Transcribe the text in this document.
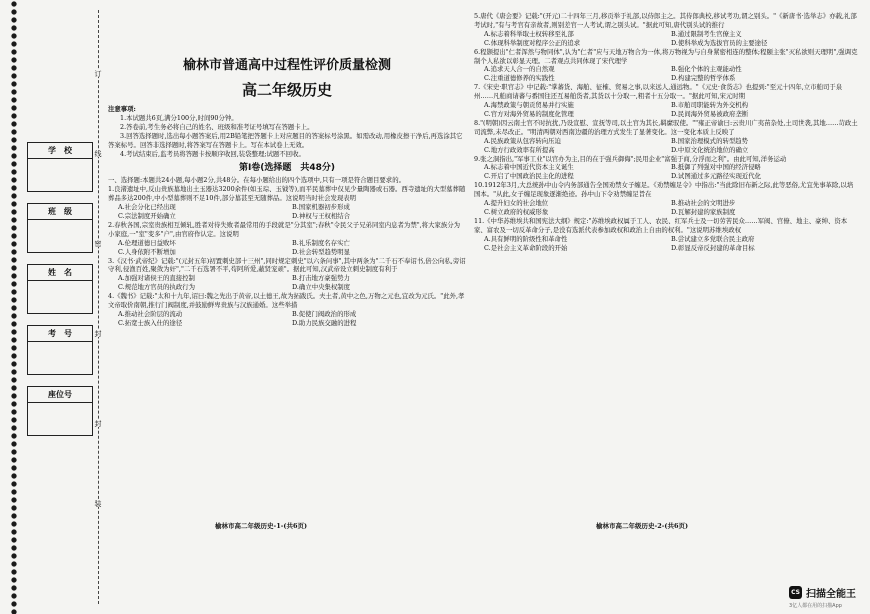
学　校
班　级
姓　名
考　号
座位号
订
线
密
封
封
装
榆林市普通高中过程性评价质量检测
高二年级历史
注意事项:

1.本试题共6页,满分100分,时间90分钟。

2.答卷前,考生务必将自己的姓名、班级和准考证号填写在答题卡上。

3.回答选择题时,选出每小题答案后,用2B铅笔把答题卡上对应题目的答案标号涂黑。如需改动,用橡皮擦干净后,再选涂其它答案标号。回答非选择题时,将答案写在答题卡上。写在本试卷上无效。

4.考试结束后,监考员将答题卡按顺序收回,装袋整理;试题不回收。

第Ⅰ卷(选择题　共48分)

一、选择题:本题共24小题,每小题2分,共48分。在每小题给出的四个选项中,只有一项是符合题目要求的。

1.良渚遗址中,反山贵族墓地出土玉器达3200余件(如玉琮、玉钺等),而平民墓葬中仅见少量陶器或石器。西寺遗址的大型墓葬随葬品多达200件,中小型墓葬则不足10件,部分墓甚至无随葬品。这说明当时社会发现表明

A.社会分化已经出现	B.国家机器初步形成
C.宗法制度开始确立	D.神权与王权相结合

2.春秋各国,宗室贵族相互倾轧,胜者对待失败者最常用的手段就是"分其室";春秋"令民父子兄弟同室内息者为禁",将大家族分为小家庭,一"室"变多"户",由官府作认定。这说明

A.伦理道德日益败坏	B.礼乐制度名存实亡
C.人身依附不断增加	D.社会转型趋势明显

3.《汉书·武帝纪》记载:"(元封五年)初置刺史部十三州",同时规定刺史"以六条问事",其中两条为"二千石不奉诏书,倍公向私,旁诏守利,侵渔百姓,聚敛为奸","二千石选署不平,苟阿所爱,蔽贤宠顽"。据此可知,汉武帝设立刺史制度有利于

A.加强对诸侯王的直接控制	B.打击地方豪强势力
C.规范地方官员的执政行为	D.确立中央集权制度

4.《魏书》记载:"太和十九年,诏曰:魏之先出于黄帝,以土德王,故为拓跋氏。夫土者,黄中之色,万物之元也,宜改为元氏。"此外,孝文帝取价南朝,推行门阀制度,并鼓励鲜卑贵族与汉族通婚。这些举措

A.推动社会阶层的流动	B.促使门阀政治的形成
C.拓宽士族入仕的途径	D.助力民族交融的进程

5.唐代《唐会要》记载:"(开元)二十四年三月,移贡举于礼部,以侍郎主之。其侍郎典校,移试考功,谓之别头。"《新唐书·选举志》亦载,礼部考试时,"有与考官有亲故者,则别差官一人考试,谓之别头试。"据此可知,唐代别头试的推行

A.标志着科举取士权转移至礼部	B.通过限制考生官僚主义
C.体现科举制度对程序公正的追求	D.使科举成为选拔官员的主要途径

6.程颢提出"仁者浑然与物同体",认为"仁者"应与天地万物合为一体,将万物视为与自身紧密相连的整体;程颐主张"灭私欲则天理明",强调克制个人私欲以彰显天理。二者观点共同体现了宋代理学

A.追求天人合一的自然观	B.强化个体的主观能动性
C.注重道德修养的实践性	D.构建完整的哲学体系

7.《宋史·职官志》中记载:"掌蕃货、海舶、征榷、贸易之事,以来远人,通远物。"《元史·食货志》也提到:"至元十四年,立市舶司于泉州……凡舶商请蕃与番国往还互易舶货者,其货以十分取一,粗者十五分取一。"据此可知,宋元时期

A.海禁政策与朝贡贸易并行实施	B.市舶司职能转为外交机构
C.官方对海外贸易的制度化管理	D.民间海外贸易被政府垄断

8."(明朝)因云南土官不时抗扰,乃设宣慰、宣抚等司,以土官为其长,羁縻驭使。""雍正帝谕曰:云贵川广夷苗杂处,土司世袭,其地……苛政土司流弊,未尽改正。"明清两朝对西南边疆的治理方式发生了显著变化。这一变化本质上反映了

A.民族政策从包容转向压迫	B.国家治理模式的转型趋势
C.地方行政效率有所提高	D.中原文化统治地位的确立

9.张之洞指出,"军事工业"以官办为主,目的在于强兵御侮";民用企业"富强于商,分浮而之利"。由此可知,洋务运动

A.标志着中国近代资本主义诞生	B.抵御了列强对中国的经济侵略
C.开启了中国政治民主化的进程	D.试图通过多元路径实现近代化

10.1912年3月,大总统孙中山令内务部通告全国劝禁女子缠足。《劝禁缠足令》中指出:"当此除旧布新之际,此等恶俗,尤宜先事革除,以培国本。"从此,女子缠足现象逐渐绝迹。孙中山下令劝禁缠足旨在

A.提升妇女的社会地位	B.推动社会的文明进步
C.树立政府的权威形象	D.瓦解封建的家族制度

11.《中华苏维埃共和国宪法大纲》规定:"苏维埃政权属于工人、农民、红军兵士及一切劳苦民众……军阀、官僚、地主、豪绅、资本家、富农及一切反革命分子,是没有选派代表参加政权和政治上自由的权利。"这说明苏维埃政权

A.具有鲜明的阶级性和革命性	B.尝试建立多党联合民主政府
C.是社会主义革命阶段的开始	D.彰显反帝反封建的革命目标
榆林市高二年级历史-1-(共6页)	榆林市高二年级历史-2-(共6页)
CS 扫描全能王
3亿人都在用的扫描App
